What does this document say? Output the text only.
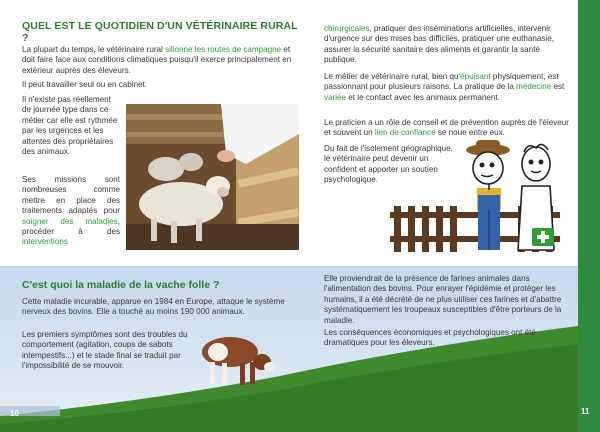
QUEL EST LE QUOTIDIEN D'UN VÉTÉRINAIRE RURAL ?

La plupart du temps, le vétérinaire rural sillonne les routes de campagne et doit faire face aux conditions climatiques puisqu'il exerce principalement en extérieur auprès des éleveurs.

Il peut travailler seul ou en cabinet.

Il n'existe pas réellement de journée type dans ce métier car elle est rythmée par les urgences et les attentes des propriétaires des animaux.

Ses missions sont nombreuses comme mettre en place des traitements adaptés pour soigner des maladies, procéder à des interventions

chirurgicales, pratiquer des inséminations artificielles, intervenir d'urgence sur des mises bas difficiles, pratiquer une euthanasie, assurer la sécurité sanitaire des aliments et garantir la santé publique.

Le métier de vétérinaire rural, bien qu'épuisant physiquement, est passionnant pour plusieurs raisons. La pratique de la médecine est variée et le contact avec les animaux permanent.

Le praticien a un rôle de conseil et de prévention auprès de l'éleveur et souvent un lien de confiance se noue entre eux.

Du fait de l'isolement géographique, le vétérinaire peut devenir un confident et apporter un soutien psychologique.

C'est quoi la maladie de la vache folle ?

Cette maladie incurable, apparue en 1984 en Europe, attaque le système nerveux des bovins. Elle a touché au moins 190 000 animaux.

Les premiers symptômes sont des troubles du comportement (agitation, coups de sabots intempestifs...) et le stade final se traduit par l'impossibilité de se mouvoir.

Elle proviendrait de la présence de farines animales dans l'alimentation des bovins. Pour enrayer l'épidémie et protéger les humains, il a été décrété de ne plus utiliser ces farines et d'abattre systématiquement les troupeaux susceptibles d'être porteurs de la maladie.

Les conséquences économiques et psychologiques ont été dramatiques pour les éleveurs.

10	11
